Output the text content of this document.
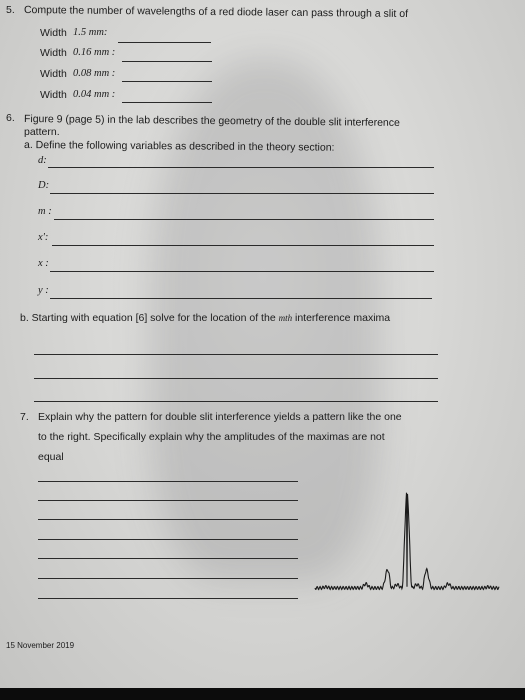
5. Compute the number of wavelengths of a red diode laser can pass through a slit of
Width 1.5 mm:
Width 0.16 mm :
Width 0.08 mm :
Width 0.04 mm :
6. Figure 9 (page 5) in the lab describes the geometry of the double slit interference
pattern.
a. Define the following variables as described in the theory section:
d:
D:
m :
x':
x :
y :
b. Starting with equation [6] solve for the location of the mth interference maxima
7. Explain why the pattern for double slit interference yields a pattern like the one
to the right. Specifically explain why the amplitudes of the maximas are not
equal
15 November 2019
